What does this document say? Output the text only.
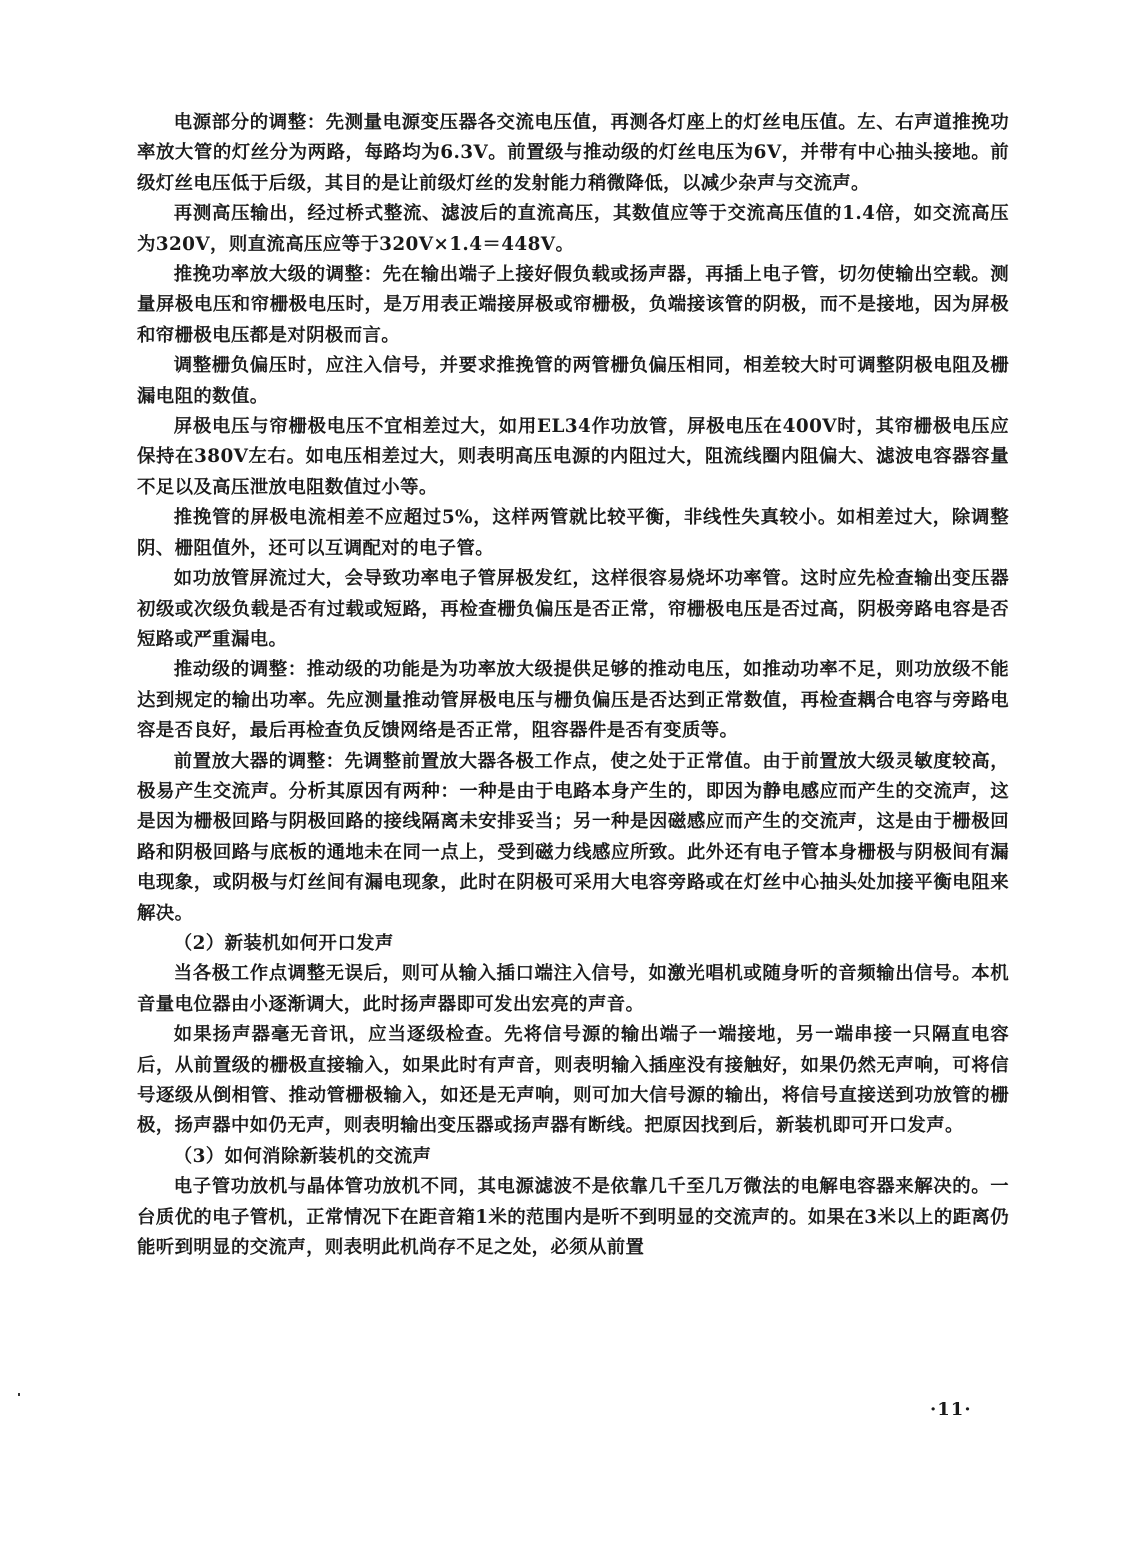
电源部分的调整：先测量电源变压器各交流电压值，再测各灯座上的灯丝电压值。左、右声道推挽功率放大管的灯丝分为两路，每路均为6.3V。前置级与推动级的灯丝电压为6V，并带有中心抽头接地。前级灯丝电压低于后级，其目的是让前级灯丝的发射能力稍微降低，以减少杂声与交流声。

再测高压输出，经过桥式整流、滤波后的直流高压，其数值应等于交流高压值的1.4倍，如交流高压为320V，则直流高压应等于320V×1.4＝448V。

推挽功率放大级的调整：先在输出端子上接好假负载或扬声器，再插上电子管，切勿使输出空载。测量屏极电压和帘栅极电压时，是万用表正端接屏极或帘栅极，负端接该管的阴极，而不是接地，因为屏极和帘栅极电压都是对阴极而言。

调整栅负偏压时，应注入信号，并要求推挽管的两管栅负偏压相同，相差较大时可调整阴极电阻及栅漏电阻的数值。

屏极电压与帘栅极电压不宜相差过大，如用EL34作功放管，屏极电压在400V时，其帘栅极电压应保持在380V左右。如电压相差过大，则表明高压电源的内阻过大，阻流线圈内阻偏大、滤波电容器容量不足以及高压泄放电阻数值过小等。

推挽管的屏极电流相差不应超过5%，这样两管就比较平衡，非线性失真较小。如相差过大，除调整阴、栅阻值外，还可以互调配对的电子管。

如功放管屏流过大，会导致功率电子管屏极发红，这样很容易烧坏功率管。这时应先检查输出变压器初级或次级负载是否有过载或短路，再检查栅负偏压是否正常，帘栅极电压是否过高，阴极旁路电容是否短路或严重漏电。

推动级的调整：推动级的功能是为功率放大级提供足够的推动电压，如推动功率不足，则功放级不能达到规定的输出功率。先应测量推动管屏极电压与栅负偏压是否达到正常数值，再检查耦合电容与旁路电容是否良好，最后再检查负反馈网络是否正常，阻容器件是否有变质等。

前置放大器的调整：先调整前置放大器各极工作点，使之处于正常值。由于前置放大级灵敏度较高，极易产生交流声。分析其原因有两种：一种是由于电路本身产生的，即因为静电感应而产生的交流声，这是因为栅极回路与阴极回路的接线隔离未安排妥当；另一种是因磁感应而产生的交流声，这是由于栅极回路和阴极回路与底板的通地未在同一点上，受到磁力线感应所致。此外还有电子管本身栅极与阴极间有漏电现象，或阴极与灯丝间有漏电现象，此时在阴极可采用大电容旁路或在灯丝中心抽头处加接平衡电阻来解决。

（2）新装机如何开口发声

当各极工作点调整无误后，则可从输入插口端注入信号，如激光唱机或随身听的音频输出信号。本机音量电位器由小逐渐调大，此时扬声器即可发出宏亮的声音。

如果扬声器毫无音讯，应当逐级检查。先将信号源的输出端子一端接地，另一端串接一只隔直电容后，从前置级的栅极直接输入，如果此时有声音，则表明输入插座没有接触好，如果仍然无声响，可将信号逐级从倒相管、推动管栅极输入，如还是无声响，则可加大信号源的输出，将信号直接送到功放管的栅极，扬声器中如仍无声，则表明输出变压器或扬声器有断线。把原因找到后，新装机即可开口发声。

（3）如何消除新装机的交流声

电子管功放机与晶体管功放机不同，其电源滤波不是依靠几千至几万微法的电解电容器来解决的。一台质优的电子管机，正常情况下在距音箱1米的范围内是听不到明显的交流声的。如果在3米以上的距离仍能听到明显的交流声，则表明此机尚存不足之处，必须从前置

·11·
